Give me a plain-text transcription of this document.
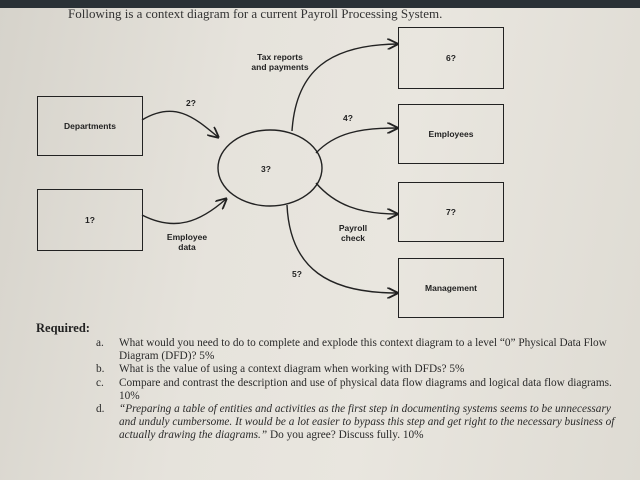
Following is a context diagram for a current Payroll Processing System.
Departments
1?
6?
Employees
7?
Management
3?
2?
Employee
data
Tax reports
and payments
4?
Payroll
check
5?
Required:
a.	What would you need to do to complete and explode this context diagram to a level “0” Physical Data Flow Diagram (DFD)? 5%
b.	What is the value of using a context diagram when working with DFDs? 5%
c.	Compare and contrast the description and use of physical data flow diagrams and logical data flow diagrams. 10%
d.	“Preparing a table of entities and activities as the first step in documenting systems seems to be unnecessary and unduly cumbersome. It would be a lot easier to bypass this step and get right to the necessary business of actually drawing the diagrams.” Do you agree? Discuss fully. 10%
